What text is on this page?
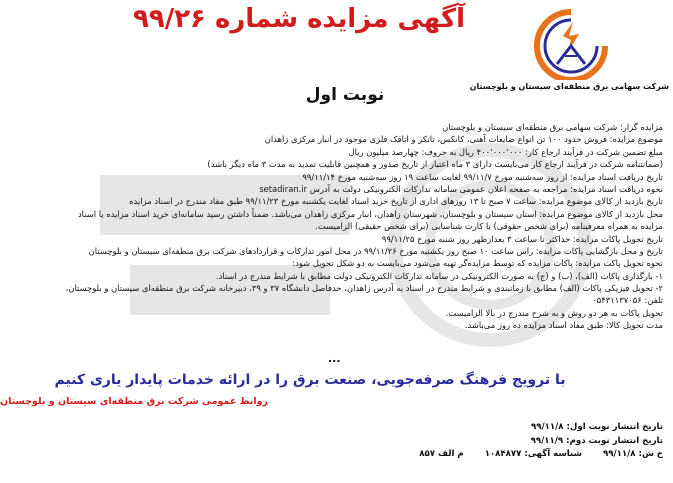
شرکت سهامی برق منطقه‌ای سیستان و بلوچستان
آگهی مزایده شماره ۹۹/۲۶
نوبت اول
مزایده گزار: شرکت سهامی برق منطقه‌ای سیستان و بلوچستان
موضوع مزایده: فروش حدود ۱۰۰ تن انواع ضایعات آهنی، کانکس، تانکر و اتاقک فلزی موجود در انبار مرکزی زاهدان
مبلغ تضمین شرکت در فرآیند ارجاع کار: ۴۰۰٬۰۰۰٬۰۰۰ ریال به حروف: چهارصد میلیون ریال
(ضمانتنامه شرکت در فرآیند ارجاع کار می‌بایست دارای ۳ ماه اعتبار از تاریخ صدور و همچنین قابلیت تمدید به مدت ۳ ماه دیگر باشد)
تاریخ دریافت اسناد مزایده: از روز سه‌شنبه مورخ ۹۹/۱۱/۷ لغایت ساعت ۱۹ روز سه‌شنبه مورخ ۹۹/۱۱/۱۴
نحوه دریافت اسناد مزایده: مراجعه به صفحه اعلان عمومی سامانه تدارکات الکترونیکی دولت به آدرس setadiran.ir
تاریخ بازدید از کالای موضوع مزایده: ساعت ۷ صبح تا ۱۳ روزهای اداری از تاریخ خرید اسناد لغایت یکشنبه مورخ ۹۹/۱۱/۲۳ طبق مفاد مندرج در اسناد مزایده
محل بازدید از کالای موضوع مزایده: استان سیستان و بلوچستان، شهرستان زاهدان، انبار مرکزی زاهدان می‌باشد. ضمناً داشتن رسید سامانه‌ای خرید اسناد مزایده یا اسناد
مزایده به همراه معرفینامه (برای شخص حقوقی) یا کارت شناسایی (برای شخص حقیقی) الزامیست.
تاریخ تحویل پاکات مزایده: حداکثر تا ساعت ۳ بعدازظهر روز شنبه مورخ ۹۹/۱۱/۲۵
تاریخ و محل بازگشایی پاکات مزایده: راس ساعت ۱۰ صبح روز یکشنبه مورخ ۹۹/۱۱/۲۶ در محل امور تدارکات و قراردادهای شرکت برق منطقه‌ای سیستان و بلوچستان
نحوه تحویل پاکت مزایده: پاکات مزایده که توسط مزایده‌گر تهیه می‌شود می‌بایست به دو شکل تحویل شود:
۱- بارگذاری پاکات (الف)، (ب) و (ج) به صورت الکترونیکی در سامانه تدارکات الکترونیکی دولت مطابق با شرایط مندرج در اسناد.
۲- تحویل فیزیکی پاکات (الف) مطابق با زمانبندی و شرایط مندرج در اسناد به آدرس زاهدان، حدفاصل دانشگاه ۳۷ و ۳۹، دبیرخانه شرکت برق منطقه‌ای سیستان و بلوچستان،
تلفن: ۰۵۴۳۱۱۳۷۰۵۶
تحویل پاکات به هر دو روش و به شرح مندرج در بالا الزامیست.
مدت تحویل کالا: طبق مفاد اسناد مزایده ده روز می‌باشد.
...
با ترویج فرهنگ صرفه‌جویی، صنعت برق را در ارائه خدمات پایدار یاری کنیم
روابط عمومی شرکت برق منطقه‌ای سیستان و بلوچستان
تاریخ انتشار نوبت اول: ۹۹/۱۱/۸
تاریخ انتشار نوبت دوم: ۹۹/۱۱/۹
خ ش: ۹۹/۱۱/۸ شناسه آگهی: ۱۰۸۴۸۷۷ م الف ۸۵۷
